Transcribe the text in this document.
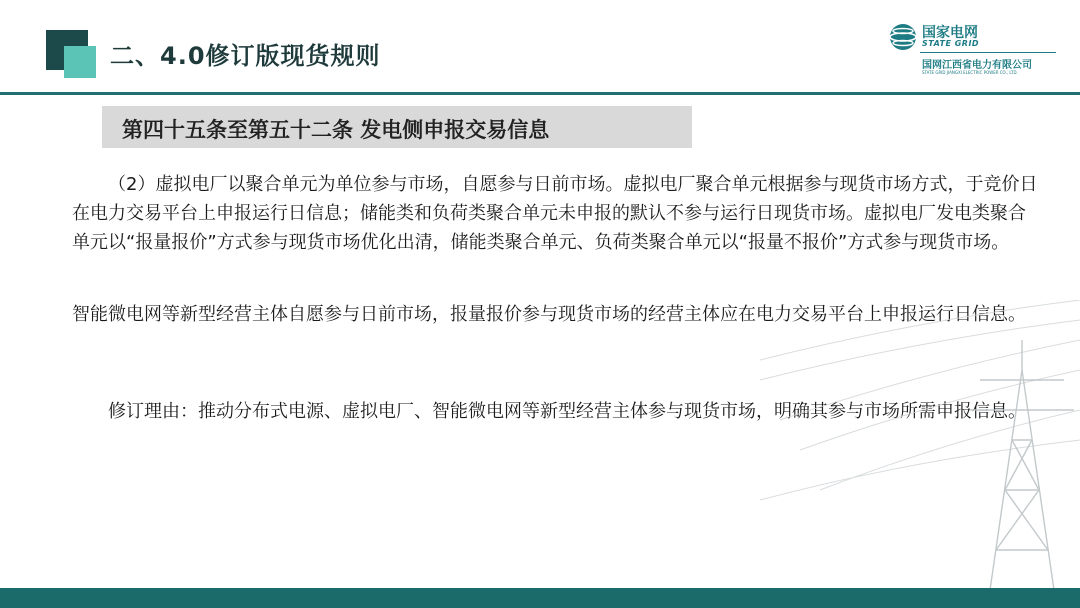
二、4.0修订版现货规则
国家电网
STATE GRID
国网江西省电力有限公司
STATE GRID JIANGXI ELECTRIC POWER CO., LTD.
第四十五条至第五十二条 发电侧申报交易信息

（2）虚拟电厂以聚合单元为单位参与市场，自愿参与日前市场。虚拟电厂聚合单元根据参与现货市场方式，于竞价日在电力交易平台上申报运行日信息；储能类和负荷类聚合单元未申报的默认不参与运行日现货市场。虚拟电厂发电类聚合单元以“报量报价”方式参与现货市场优化出清，储能类聚合单元、负荷类聚合单元以“报量不报价”方式参与现货市场。

智能微电网等新型经营主体自愿参与日前市场，报量报价参与现货市场的经营主体应在电力交易平台上申报运行日信息。

修订理由：推动分布式电源、虚拟电厂、智能微电网等新型经营主体参与现货市场，明确其参与市场所需申报信息。
